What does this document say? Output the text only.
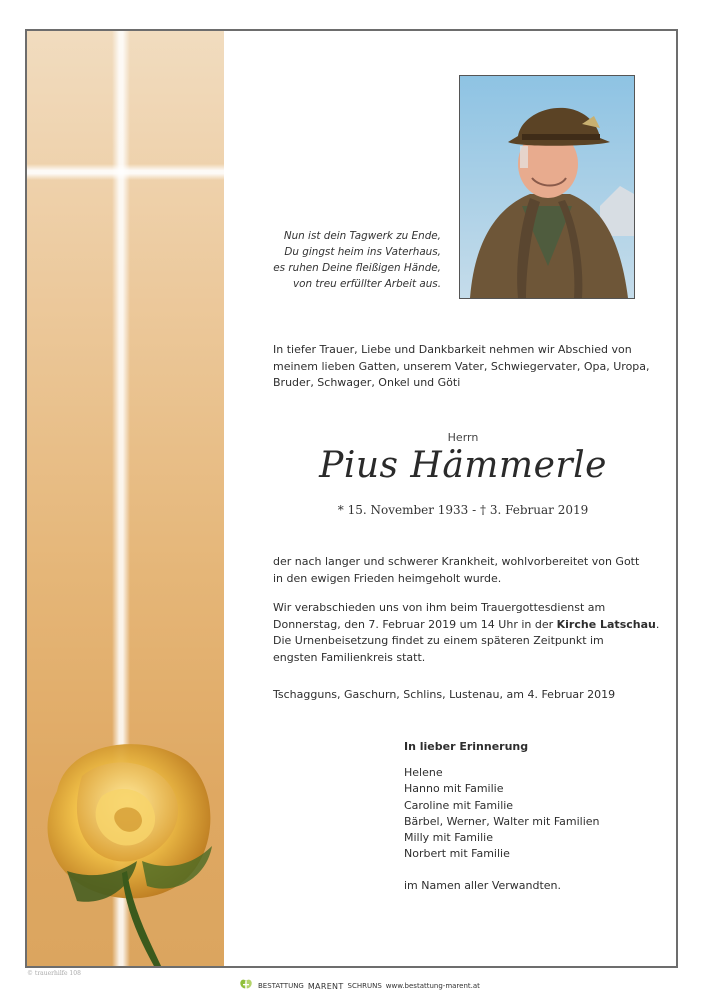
Nun ist dein Tagwerk zu Ende,
Du gingst heim ins Vaterhaus,
es ruhen Deine fleißigen Hände,
von treu erfüllter Arbeit aus.
In tiefer Trauer, Liebe und Dankbarkeit nehmen wir Abschied von
meinem lieben Gatten, unserem Vater, Schwiegervater, Opa, Uropa,
Bruder, Schwager, Onkel und Göti
Herrn
Pius Hämmerle
* 15. November 1933 - † 3. Februar 2019
der nach langer und schwerer Krankheit, wohlvorbereitet von Gott
in den ewigen Frieden heimgeholt wurde.
Wir verabschieden uns von ihm beim Trauergottesdienst am
Donnerstag, den 7. Februar 2019 um 14 Uhr in der Kirche Latschau.
Die Urnenbeisetzung findet zu einem späteren Zeitpunkt im
engsten Familienkreis statt.
Tschagguns, Gaschurn, Schlins, Lustenau, am 4. Februar 2019
In lieber Erinnerung
Helene
Hanno mit Familie
Caroline mit Familie
Bärbel, Werner, Walter mit Familien
Milly mit Familie
Norbert mit Familie
im Namen aller Verwandten.
© trauerhilfe 108
BESTATTUNG MARENT SCHRUNS www.bestattung-marent.at
